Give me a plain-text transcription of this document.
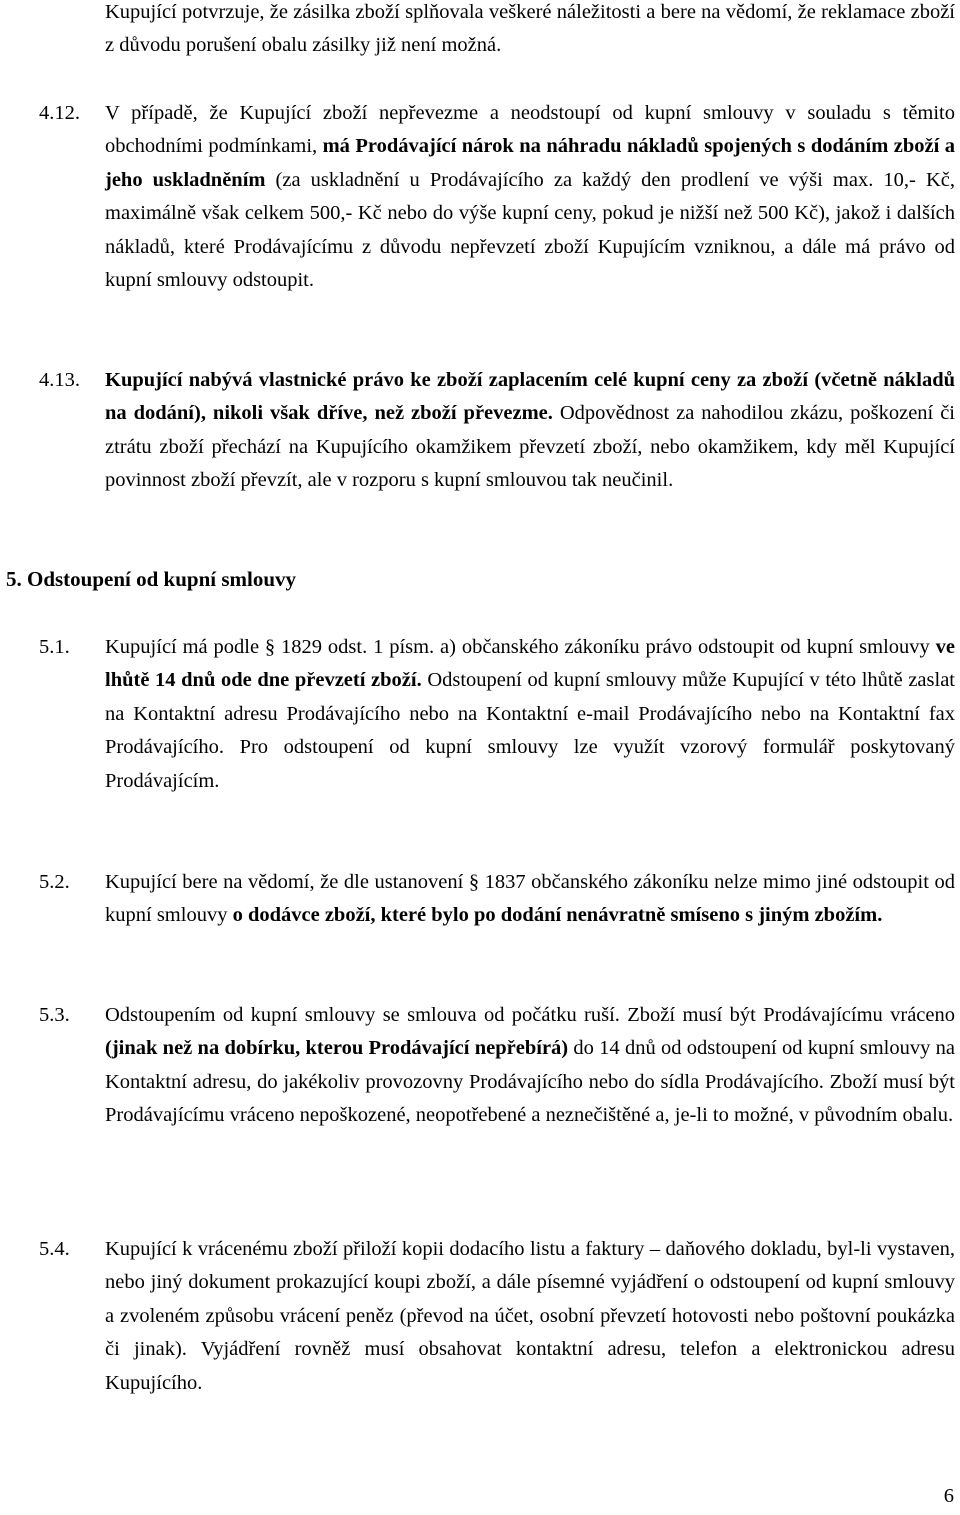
Kupující potvrzuje, že zásilka zboží splňovala veškeré náležitosti a bere na vědomí, že reklamace zboží z důvodu porušení obalu zásilky již není možná.

4.12. V případě, že Kupující zboží nepřevezme a neodstoupí od kupní smlouvy v souladu s těmito obchodními podmínkami, má Prodávající nárok na náhradu nákladů spojených s dodáním zboží a jeho uskladněním (za uskladnění u Prodávajícího za každý den prodlení ve výši max. 10,- Kč, maximálně však celkem 500,- Kč nebo do výše kupní ceny, pokud je nižší než 500 Kč), jakož i dalších nákladů, které Prodávajícímu z důvodu nepřevzetí zboží Kupujícím vzniknou, a dále má právo od kupní smlouvy odstoupit.

4.13. Kupující nabývá vlastnické právo ke zboží zaplacením celé kupní ceny za zboží (včetně nákladů na dodání), nikoli však dříve, než zboží převezme. Odpovědnost za nahodilou zkázu, poškození či ztrátu zboží přechází na Kupujícího okamžikem převzetí zboží, nebo okamžikem, kdy měl Kupující povinnost zboží převzít, ale v rozporu s kupní smlouvou tak neučinil.

5. Odstoupení od kupní smlouvy

5.1. Kupující má podle § 1829 odst. 1 písm. a) občanského zákoníku právo odstoupit od kupní smlouvy ve lhůtě 14 dnů ode dne převzetí zboží. Odstoupení od kupní smlouvy může Kupující v této lhůtě zaslat na Kontaktní adresu Prodávajícího nebo na Kontaktní e-mail Prodávajícího nebo na Kontaktní fax Prodávajícího. Pro odstoupení od kupní smlouvy lze využít vzorový formulář poskytovaný Prodávajícím.

5.2. Kupující bere na vědomí, že dle ustanovení § 1837 občanského zákoníku nelze mimo jiné odstoupit od kupní smlouvy o dodávce zboží, které bylo po dodání nenávratně smíseno s jiným zbožím.

5.3. Odstoupením od kupní smlouvy se smlouva od počátku ruší. Zboží musí být Prodávajícímu vráceno (jinak než na dobírku, kterou Prodávající nepřebírá) do 14 dnů od odstoupení od kupní smlouvy na Kontaktní adresu, do jakékoliv provozovny Prodávajícího nebo do sídla Prodávajícího. Zboží musí být Prodávajícímu vráceno nepoškozené, neopotřebené a neznečištěné a, je-li to možné, v původním obalu.

5.4. Kupující k vrácenému zboží přiloží kopii dodacího listu a faktury – daňového dokladu, byl-li vystaven, nebo jiný dokument prokazující koupi zboží, a dále písemné vyjádření o odstoupení od kupní smlouvy a zvoleném způsobu vrácení peněz (převod na účet, osobní převzetí hotovosti nebo poštovní poukázka či jinak). Vyjádření rovněž musí obsahovat kontaktní adresu, telefon a elektronickou adresu Kupujícího.

6
